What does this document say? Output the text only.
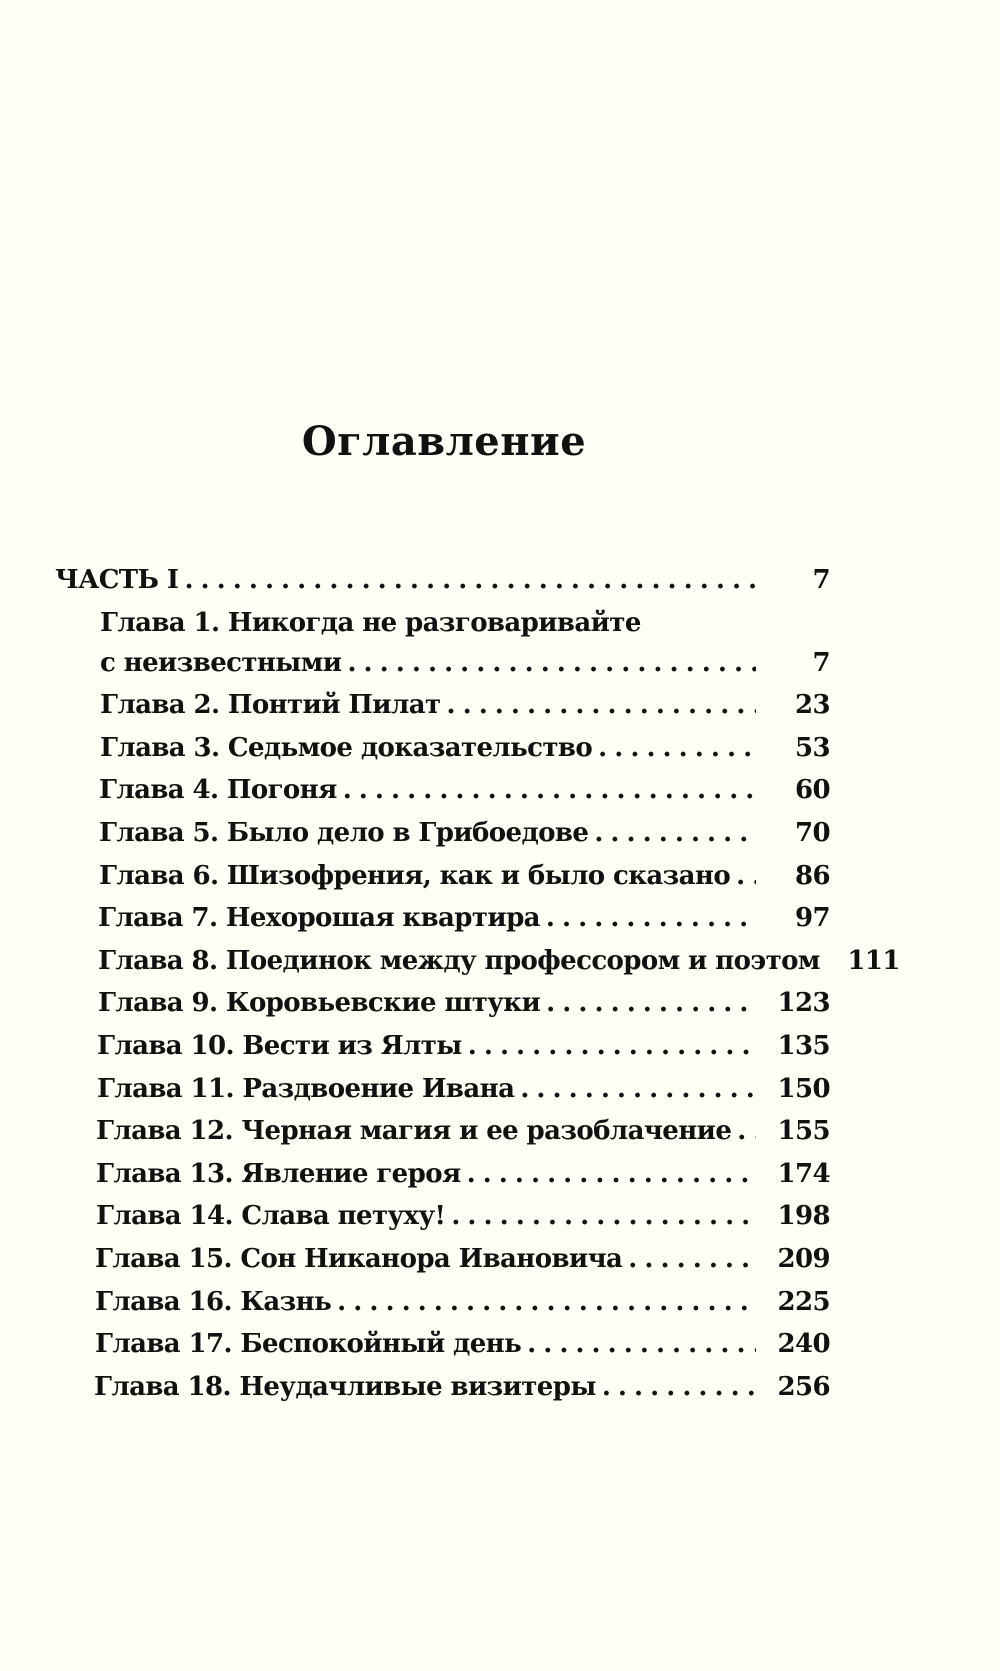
Оглавление
ЧАСТЬ I . . .	7
Глава 1. Никогда не разговаривайте
с неизвестными . . .	7
Глава 2. Понтий Пилат . . .	23
Глава 3. Седьмое доказательство . . .	53
Глава 4. Погоня . . .	60
Глава 5. Было дело в Грибоедове . . .	70
Глава 6. Шизофрения, как и было сказано . . .	86
Глава 7. Нехорошая квартира . . .	97
Глава 8. Поединок между профессором и поэтом	111
Глава 9. Коровьевские штуки . . .	123
Глава 10. Вести из Ялты . . .	135
Глава 11. Раздвоение Ивана . . .	150
Глава 12. Черная магия и ее разоблачение . . .	155
Глава 13. Явление героя . . .	174
Глава 14. Слава петуху! . . .	198
Глава 15. Сон Никанора Ивановича . . .	209
Глава 16. Казнь . . .	225
Глава 17. Беспокойный день . . .	240
Глава 18. Неудачливые визитеры . . .	256
